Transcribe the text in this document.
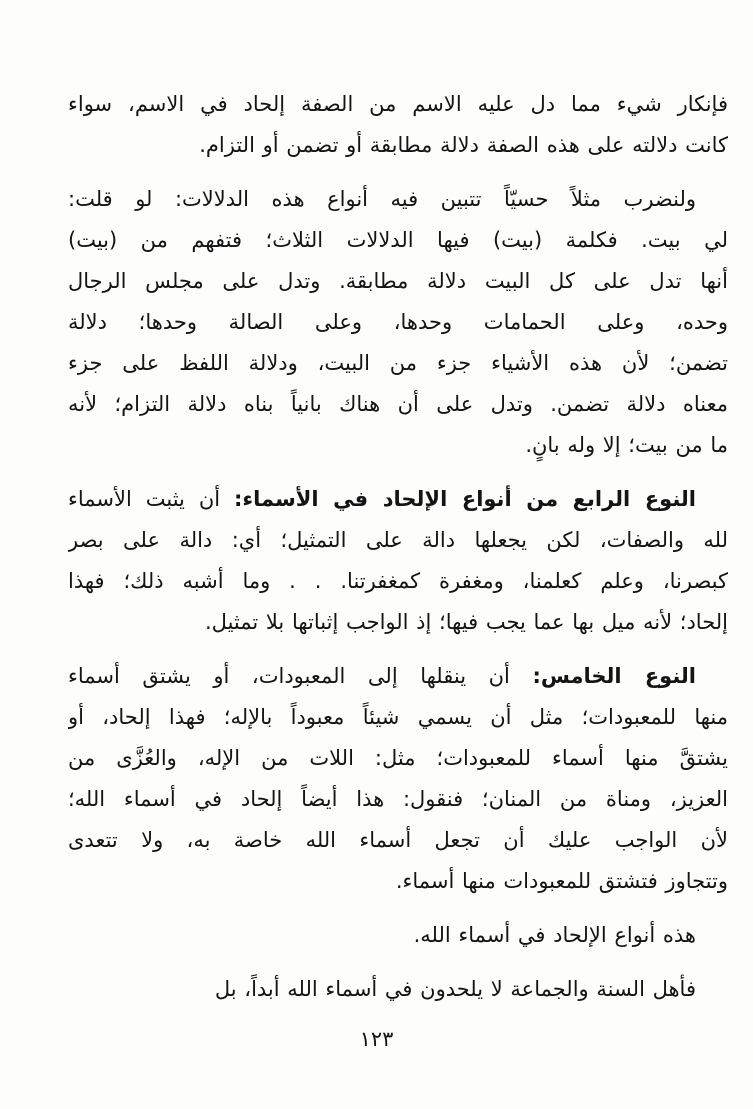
فإنكار شيء مما دل عليه الاسم من الصفة إلحاد في الاسم، سواء
كانت دلالته على هذه الصفة دلالة مطابقة أو تضمن أو التزام.
ولنضرب مثلاً حسيّاً تتبين فيه أنواع هذه الدلالات: لو قلت:
لي بيت. فكلمة (بيت) فيها الدلالات الثلاث؛ فتفهم من (بيت)
أنها تدل على كل البيت دلالة مطابقة. وتدل على مجلس الرجال
وحده، وعلى الحمامات وحدها، وعلى الصالة وحدها؛ دلالة
تضمن؛ لأن هذه الأشياء جزء من البيت، ودلالة اللفظ على جزء
معناه دلالة تضمن. وتدل على أن هناك بانياً بناه دلالة التزام؛ لأنه
ما من بيت؛ إلا وله بانٍ.
النوع الرابع من أنواع الإلحاد في الأسماء: أن يثبت الأسماء
لله والصفات، لكن يجعلها دالة على التمثيل؛ أي: دالة على بصر
كبصرنا، وعلم كعلمنا، ومغفرة كمغفرتنا. . . وما أشبه ذلك؛ فهذا
إلحاد؛ لأنه ميل بها عما يجب فيها؛ إذ الواجب إثباتها بلا تمثيل.
النوع الخامس: أن ينقلها إلى المعبودات، أو يشتق أسماء
منها للمعبودات؛ مثل أن يسمي شيئاً معبوداً بالإله؛ فهذا إلحاد، أو
يشتقَّ منها أسماء للمعبودات؛ مثل: اللات من الإله، والعُزَّى من
العزيز، ومناة من المنان؛ فنقول: هذا أيضاً إلحاد في أسماء الله؛
لأن الواجب عليك أن تجعل أسماء الله خاصة به، ولا تتعدى
وتتجاوز فتشتق للمعبودات منها أسماء.
هذه أنواع الإلحاد في أسماء الله.
فأهل السنة والجماعة لا يلحدون في أسماء الله أبداً، بل
١٢٣
